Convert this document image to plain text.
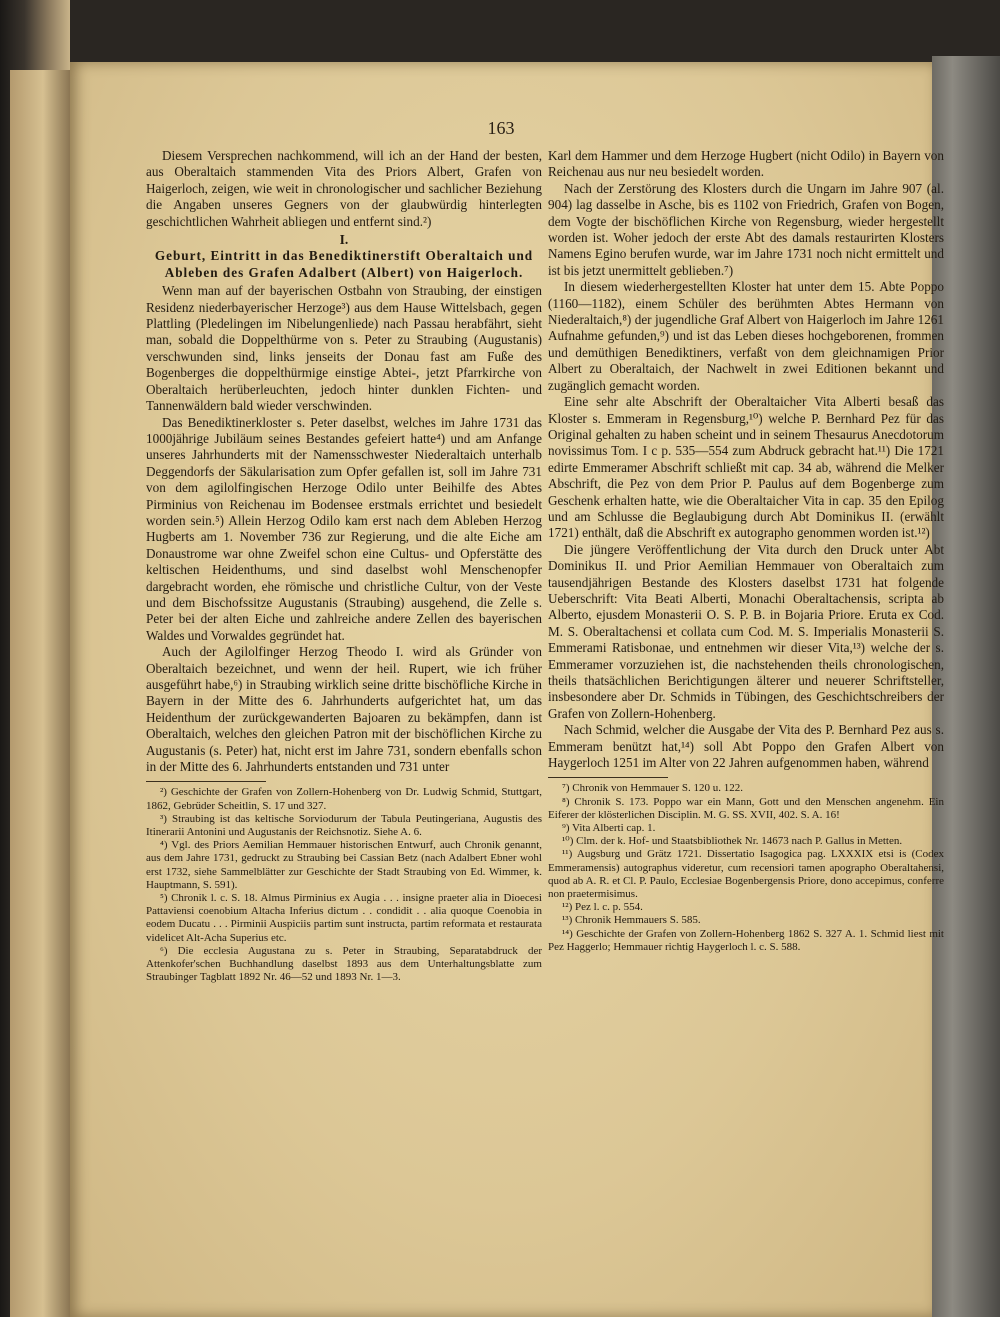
163

Diesem Versprechen nachkommend, will ich an der Hand der besten, aus Oberaltaich stammenden Vita des Priors Albert, Grafen von Haigerloch, zeigen, wie weit in chronologischer und sachlicher Beziehung die Angaben unseres Gegners von der glaubwürdig hinterlegten geschichtlichen Wahrheit abliegen und entfernt sind.²)

I.
Geburt, Eintritt in das Benediktinerstift Oberaltaich und Ableben des Grafen Adalbert (Albert) von Haigerloch.

Wenn man auf der bayerischen Ostbahn von Straubing, der einstigen Residenz niederbayerischer Herzoge³) aus dem Hause Wittelsbach, gegen Plattling (Pledelingen im Nibelungenliede) nach Passau herabfährt, sieht man, sobald die Doppelthürme von s. Peter zu Straubing (Augustanis) verschwunden sind, links jenseits der Donau fast am Fuße des Bogenberges die doppelthürmige einstige Abtei-, jetzt Pfarrkirche von Oberaltaich herüberleuchten, jedoch hinter dunklen Fichten- und Tannenwäldern bald wieder verschwinden.

Das Benediktinerkloster s. Peter daselbst, welches im Jahre 1731 das 1000jährige Jubiläum seines Bestandes gefeiert hatte⁴) und am Anfange unseres Jahrhunderts mit der Namensschwester Niederaltaich unterhalb Deggendorfs der Säkularisation zum Opfer gefallen ist, soll im Jahre 731 von dem agilolfingischen Herzoge Odilo unter Beihilfe des Abtes Pirminius von Reichenau im Bodensee erstmals errichtet und besiedelt worden sein.⁵) Allein Herzog Odilo kam erst nach dem Ableben Herzog Hugberts am 1. November 736 zur Regierung, und die alte Eiche am Donaustrome war ohne Zweifel schon eine Cultus- und Opferstätte des keltischen Heidenthums, und sind daselbst wohl Menschenopfer dargebracht worden, ehe römische und christliche Cultur, von der Veste und dem Bischofssitze Augustanis (Straubing) ausgehend, die Zelle s. Peter bei der alten Eiche und zahlreiche andere Zellen des bayerischen Waldes und Vorwaldes gegründet hat.

Auch der Agilolfinger Herzog Theodo I. wird als Gründer von Oberaltaich bezeichnet, und wenn der heil. Rupert, wie ich früher ausgeführt habe,⁶) in Straubing wirklich seine dritte bischöfliche Kirche in Bayern in der Mitte des 6. Jahrhunderts aufgerichtet hat, um das Heidenthum der zurückgewanderten Bajoaren zu bekämpfen, dann ist Oberaltaich, welches den gleichen Patron mit der bischöflichen Kirche zu Augustanis (s. Peter) hat, nicht erst im Jahre 731, sondern ebenfalls schon in der Mitte des 6. Jahrhunderts entstanden und 731 unter

²) Geschichte der Grafen von Zollern-Hohenberg von Dr. Ludwig Schmid, Stuttgart, 1862, Gebrüder Scheitlin, S. 17 und 327.

³) Straubing ist das keltische Sorviodurum der Tabula Peutingeriana, Augustis des Itinerarii Antonini und Augustanis der Reichsnotiz. Siehe A. 6.

⁴) Vgl. des Priors Aemilian Hemmauer historischen Entwurf, auch Chronik genannt, aus dem Jahre 1731, gedruckt zu Straubing bei Cassian Betz (nach Adalbert Ebner wohl erst 1732, siehe Sammelblätter zur Geschichte der Stadt Straubing von Ed. Wimmer, k. Hauptmann, S. 591).

⁵) Chronik l. c. S. 18. Almus Pirminius ex Augia . . . insigne praeter alia in Dioecesi Pattaviensi coenobium Altacha Inferius dictum . . condidit . . alia quoque Coenobia in eodem Ducatu . . . Pirminii Auspiciis partim sunt instructa, partim reformata et restaurata videlicet Alt-Acha Superius etc.

⁶) Die ecclesia Augustana zu s. Peter in Straubing, Separatabdruck der Attenkofer'schen Buchhandlung daselbst 1893 aus dem Unterhaltungsblatte zum Straubinger Tagblatt 1892 Nr. 46—52 und 1893 Nr. 1—3.

Karl dem Hammer und dem Herzoge Hugbert (nicht Odilo) in Bayern von Reichenau aus nur neu besiedelt worden.

Nach der Zerstörung des Klosters durch die Ungarn im Jahre 907 (al. 904) lag dasselbe in Asche, bis es 1102 von Friedrich, Grafen von Bogen, dem Vogte der bischöflichen Kirche von Regensburg, wieder hergestellt worden ist. Woher jedoch der erste Abt des damals restaurirten Klosters Namens Egino berufen wurde, war im Jahre 1731 noch nicht ermittelt und ist bis jetzt unermittelt geblieben.⁷)

In diesem wiederhergestellten Kloster hat unter dem 15. Abte Poppo (1160—1182), einem Schüler des berühmten Abtes Hermann von Niederaltaich,⁸) der jugendliche Graf Albert von Haigerloch im Jahre 1261 Aufnahme gefunden,⁹) und ist das Leben dieses hochgeborenen, frommen und demüthigen Benediktiners, verfaßt von dem gleichnamigen Prior Albert zu Oberaltaich, der Nachwelt in zwei Editionen bekannt und zugänglich gemacht worden.

Eine sehr alte Abschrift der Oberaltaicher Vita Alberti besaß das Kloster s. Emmeram in Regensburg,¹⁰) welche P. Bernhard Pez für das Original gehalten zu haben scheint und in seinem Thesaurus Anecdotorum novissimus Tom. I c p. 535—554 zum Abdruck gebracht hat.¹¹) Die 1721 edirte Emmeramer Abschrift schließt mit cap. 34 ab, während die Melker Abschrift, die Pez von dem Prior P. Paulus auf dem Bogenberge zum Geschenk erhalten hatte, wie die Oberaltaicher Vita in cap. 35 den Epilog und am Schlusse die Beglaubigung durch Abt Dominikus II. (erwählt 1721) enthält, daß die Abschrift ex autographo genommen worden ist.¹²)

Die jüngere Veröffentlichung der Vita durch den Druck unter Abt Dominikus II. und Prior Aemilian Hemmauer von Oberaltaich zum tausendjährigen Bestande des Klosters daselbst 1731 hat folgende Ueberschrift: Vita Beati Alberti, Monachi Oberaltachensis, scripta ab Alberto, ejusdem Monasterii O. S. P. B. in Bojaria Priore. Eruta ex Cod. M. S. Oberaltachensi et collata cum Cod. M. S. Imperialis Monasterii S. Emmerami Ratisbonae, und entnehmen wir dieser Vita,¹³) welche der s. Emmeramer vorzuziehen ist, die nachstehenden theils chronologischen, theils thatsächlichen Berichtigungen älterer und neuerer Schriftsteller, insbesondere aber Dr. Schmids in Tübingen, des Geschichtschreibers der Grafen von Zollern-Hohenberg.

Nach Schmid, welcher die Ausgabe der Vita des P. Bernhard Pez aus s. Emmeram benützt hat,¹⁴) soll Abt Poppo den Grafen Albert von Haygerloch 1251 im Alter von 22 Jahren aufgenommen haben, während

⁷) Chronik von Hemmauer S. 120 u. 122.

⁸) Chronik S. 173. Poppo war ein Mann, Gott und den Menschen angenehm. Ein Eiferer der klösterlichen Disciplin. M. G. SS. XVII, 402. S. A. 16!

⁹) Vita Alberti cap. 1.

¹⁰) Clm. der k. Hof- und Staatsbibliothek Nr. 14673 nach P. Gallus in Metten.

¹¹) Augsburg und Grätz 1721. Dissertatio Isagogica pag. LXXXIX etsi is (Codex Emmeramensis) autographus videretur, cum recensiori tamen apographo Oberaltahensi, quod ab A. R. et Cl. P. Paulo, Ecclesiae Bogenbergensis Priore, dono accepimus, conferre non praetermisimus.

¹²) Pez l. c. p. 554.

¹³) Chronik Hemmauers S. 585.

¹⁴) Geschichte der Grafen von Zollern-Hohenberg 1862 S. 327 A. 1. Schmid liest mit Pez Haggerlo; Hemmauer richtig Haygerloch l. c. S. 588.
